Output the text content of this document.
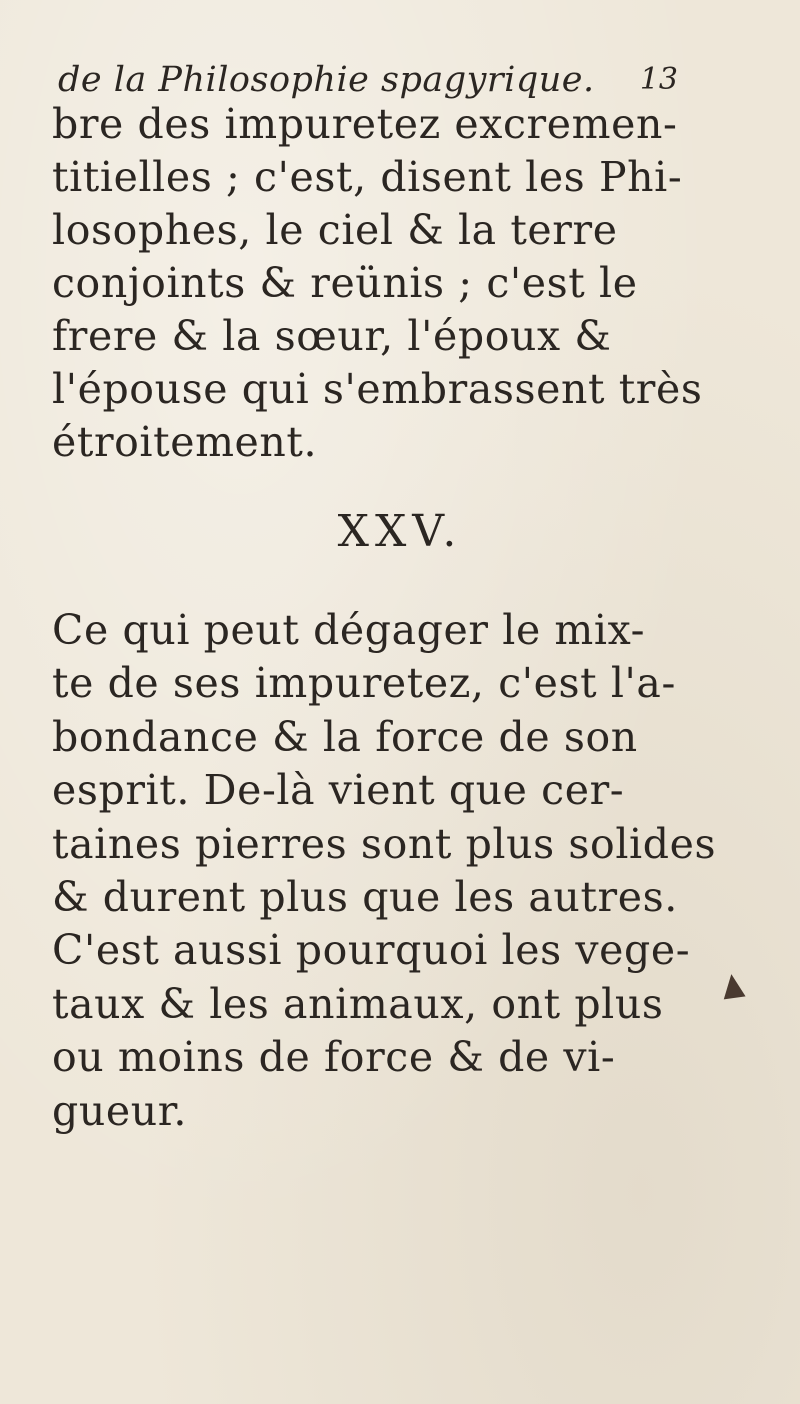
de la Philosophie spagyrique. 13
bre des impuretez excremen-
titielles ; c'est, disent les Phi-
losophes, le ciel & la terre
conjoints & reünis ; c'est le
frere & la sœur, l'époux &
l'épouse qui s'embrassent très
étroitement.
XXV.
Ce qui peut dégager le mix-
te de ses impuretez, c'est l'a-
bondance & la force de son
esprit. De-là vient que cer-
taines pierres sont plus solides
& durent plus que les autres.
C'est aussi pourquoi les vege-
taux & les animaux, ont plus
ou moins de force & de vi-
gueur.
